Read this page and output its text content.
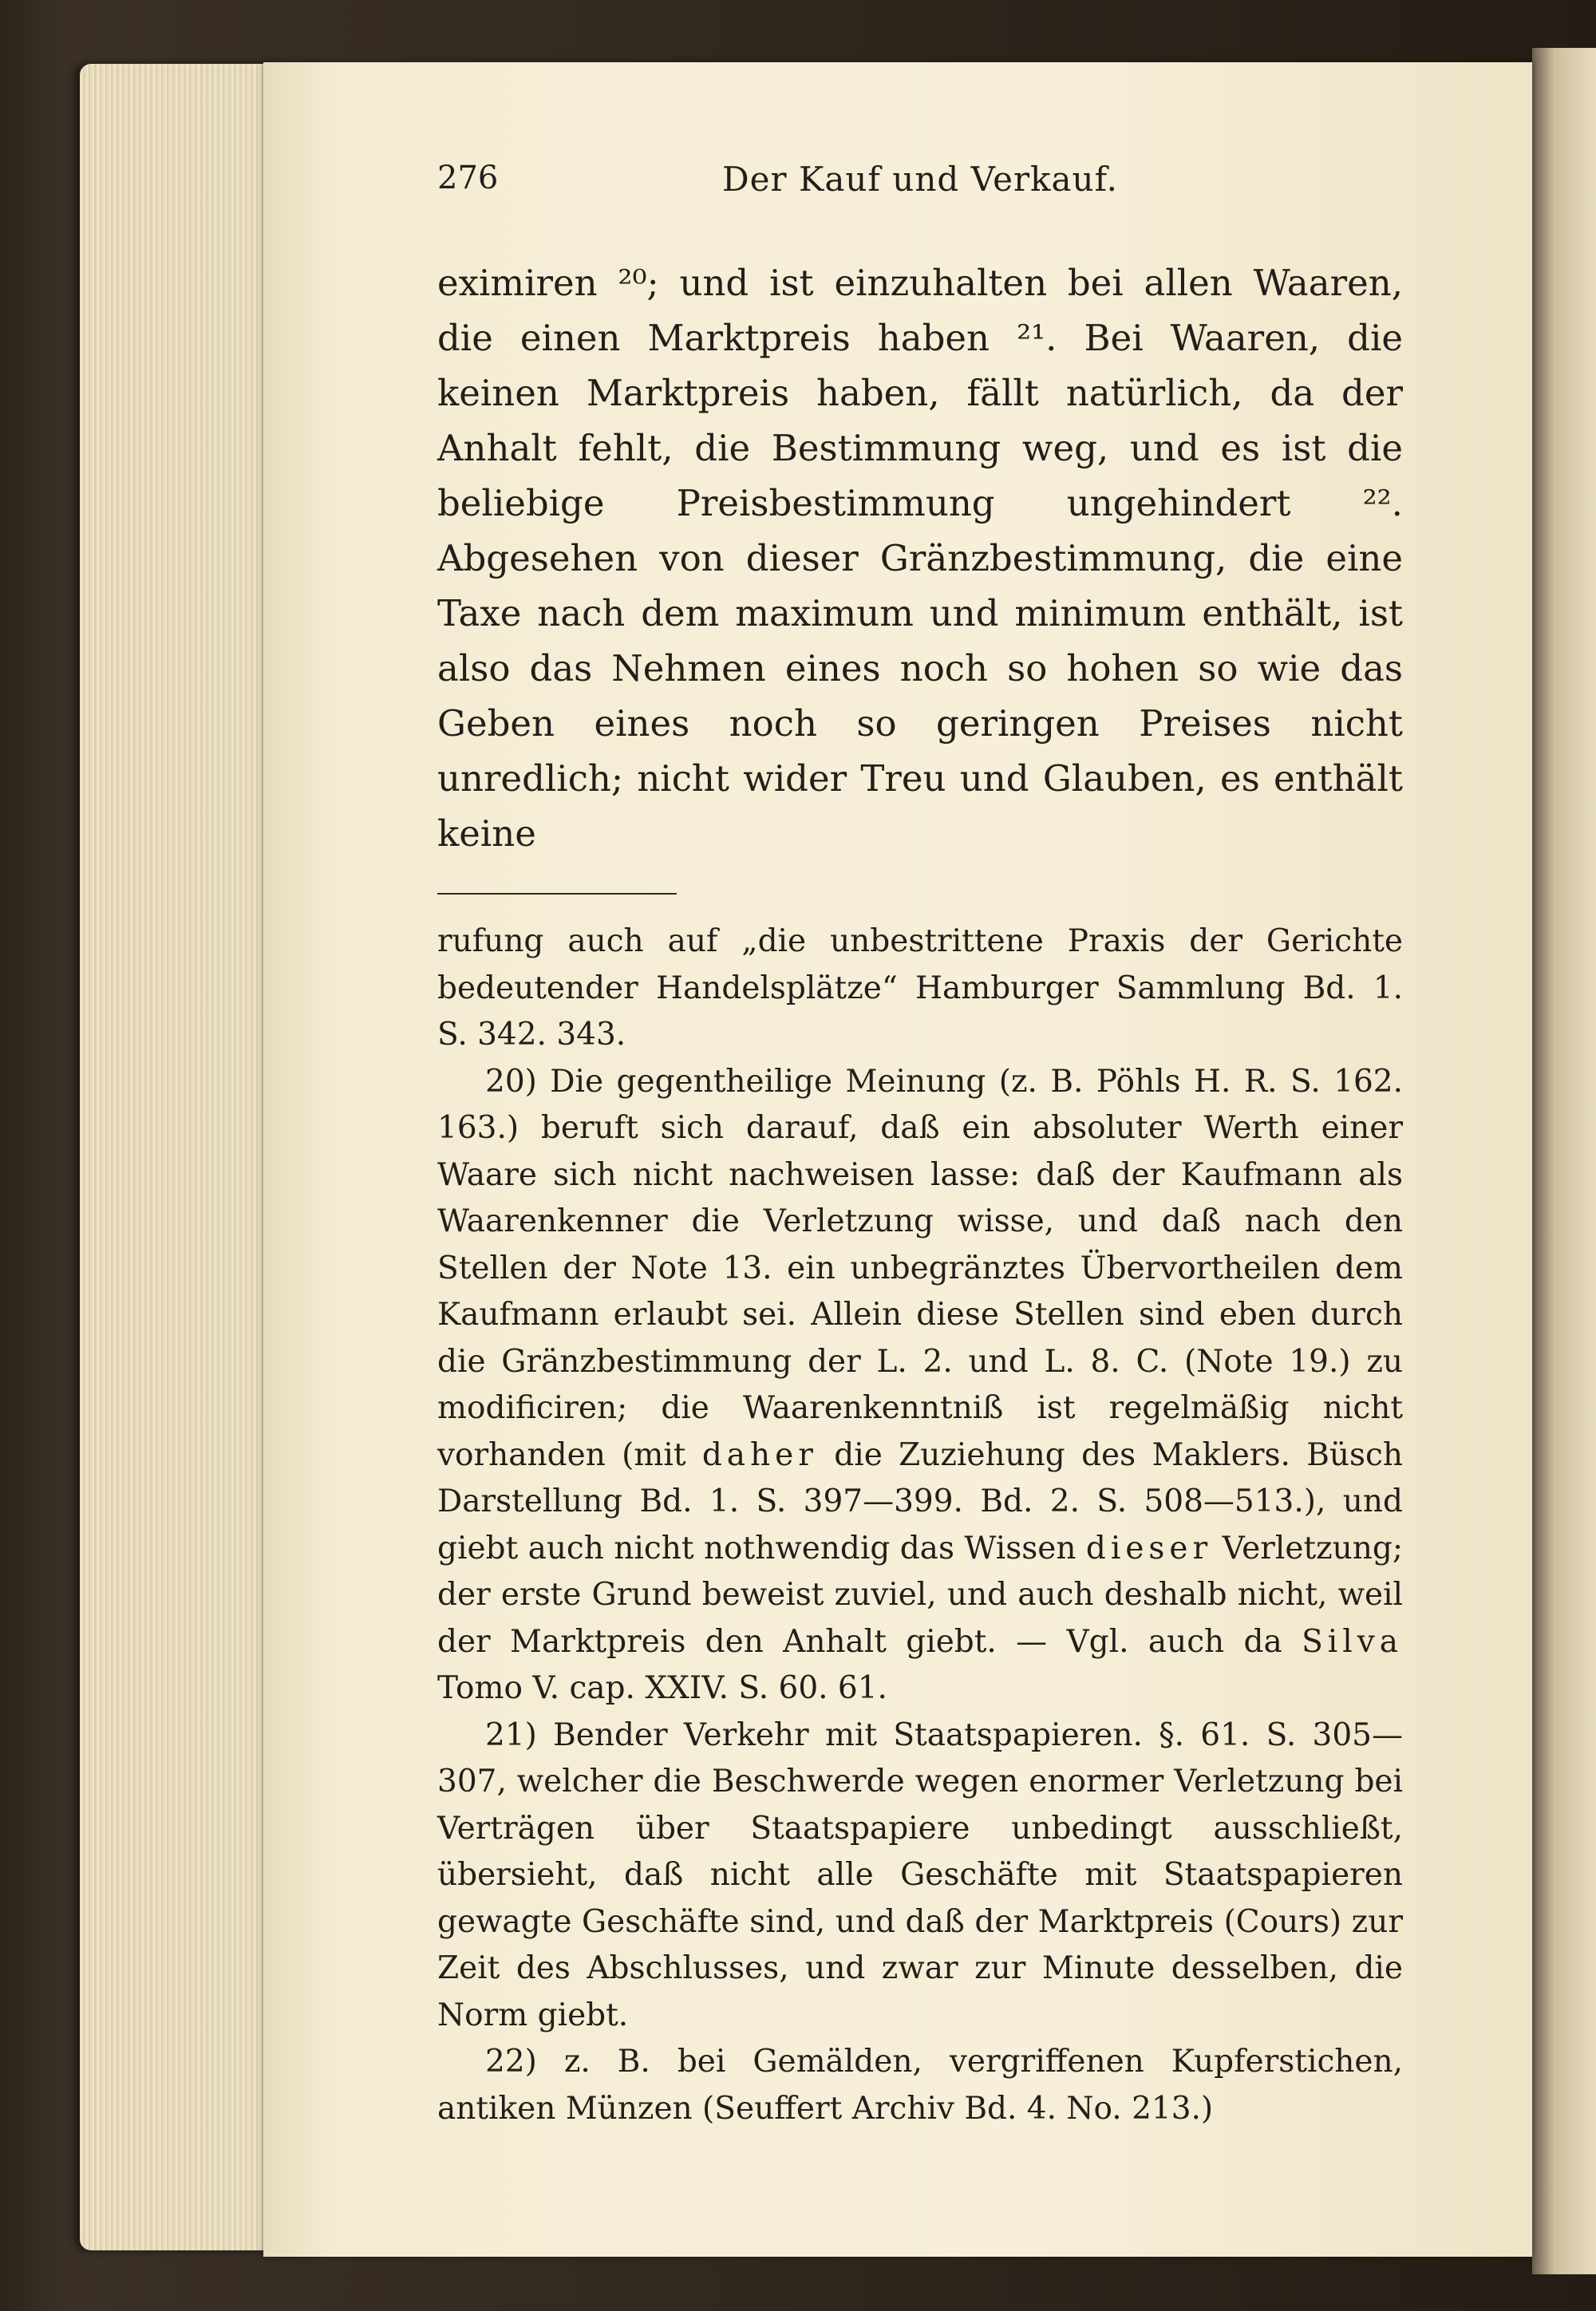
276	Der Kauf und Verkauf.

eximiren ²⁰; und ist einzuhalten bei allen Waaren, die einen Marktpreis haben ²¹. Bei Waaren, die keinen Marktpreis haben, fällt natürlich, da der Anhalt fehlt, die Bestimmung weg, und es ist die beliebige Preisbestimmung ungehindert ²². Abgesehen von dieser Gränzbestimmung, die eine Taxe nach dem maximum und minimum enthält, ist also das Nehmen eines noch so hohen so wie das Geben eines noch so geringen Preises nicht unredlich; nicht wider Treu und Glauben, es enthält keine

rufung auch auf „die unbestrittene Praxis der Gerichte bedeutender Handelsplätze“ Hamburger Sammlung Bd. 1. S. 342. 343.

20) Die gegentheilige Meinung (z. B. Pöhls H. R. S. 162. 163.) beruft sich darauf, daß ein absoluter Werth einer Waare sich nicht nachweisen lasse: daß der Kaufmann als Waarenkenner die Verletzung wisse, und daß nach den Stellen der Note 13. ein unbegränztes Übervortheilen dem Kaufmann erlaubt sei. Allein diese Stellen sind eben durch die Gränzbestimmung der L. 2. und L. 8. C. (Note 19.) zu modificiren; die Waarenkenntniß ist regelmäßig nicht vorhanden (mit daher die Zuziehung des Maklers. Büsch Darstellung Bd. 1. S. 397—399. Bd. 2. S. 508—513.), und giebt auch nicht nothwendig das Wissen dieser Verletzung; der erste Grund beweist zuviel, und auch deshalb nicht, weil der Marktpreis den Anhalt giebt. — Vgl. auch da Silva Tomo V. cap. XXIV. S. 60. 61.

21) Bender Verkehr mit Staatspapieren. §. 61. S. 305—307, welcher die Beschwerde wegen enormer Verletzung bei Verträgen über Staatspapiere unbedingt ausschließt, übersieht, daß nicht alle Geschäfte mit Staatspapieren gewagte Geschäfte sind, und daß der Marktpreis (Cours) zur Zeit des Abschlusses, und zwar zur Minute desselben, die Norm giebt.

22) z. B. bei Gemälden, vergriffenen Kupferstichen, antiken Münzen (Seuffert Archiv Bd. 4. No. 213.)
